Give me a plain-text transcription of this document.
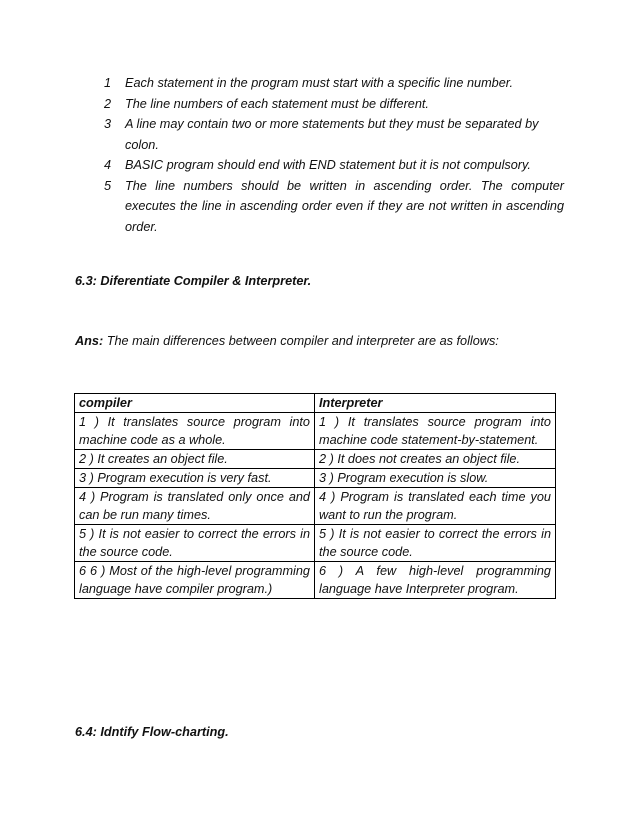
1	Each statement in the program must start with a specific line number.
2	The line numbers of each statement must be different.
3	A line may contain two or more statements but they must be separated by colon.
4	BASIC program should end with END statement but it is not compulsory.
5	The line numbers should be written in ascending order. The computer executes the line in ascending order even if they are not written in ascending order.
6.3: Diferentiate Compiler & Interpreter.
Ans: The main differences between compiler and interpreter are as follows:
compiler	Interpreter
1 ) It translates source program into machine code as a whole.	1 ) It translates source program into machine code statement-by-statement.
2 ) It creates an object file.	2 ) It does not creates an object file.
3 ) Program execution is very fast.	3 ) Program execution is slow.
4 ) Program is translated only once and can be run many times.	4 ) Program is translated each time you want to run the program.
5 ) It is not easier to correct the errors in the source code.	5 ) It is not easier to correct the errors in the source code.
6 6 ) Most of the high-level programming language have compiler program.)	6 ) A few high-level programming language have Interpreter program.
6.4: Idntify Flow-charting.
